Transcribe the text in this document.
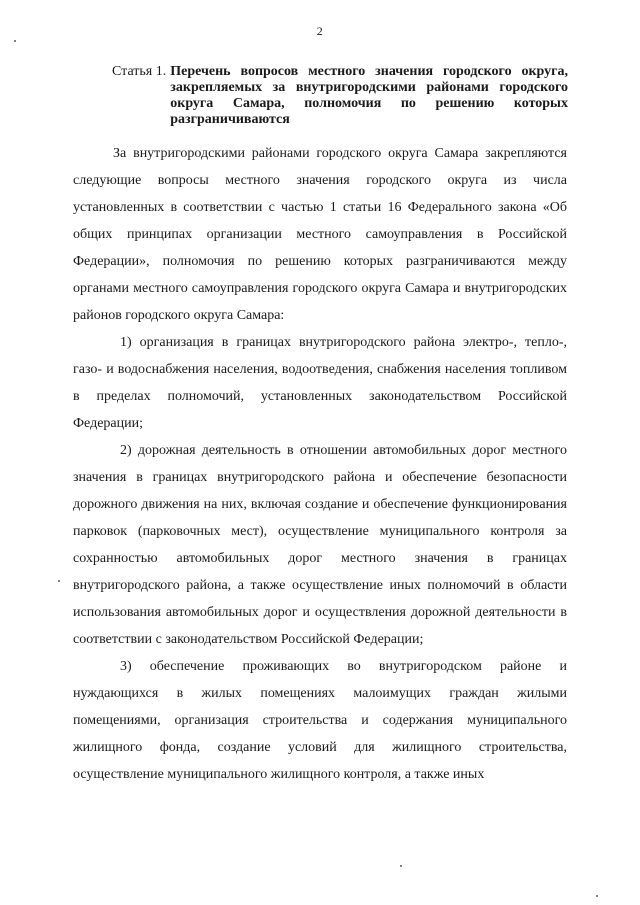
2
Статья 1. Перечень вопросов местного значения городского округа, закрепляемых за внутригородскими районами городского округа Самара, полномочия по решению которых разграничиваются

За внутригородскими районами городского округа Самара закрепляются следующие вопросы местного значения городского округа из числа установленных в соответствии с частью 1 статьи 16 Федерального закона «Об общих принципах организации местного самоуправления в Российской Федерации», полномочия по решению которых разграничиваются между органами местного самоуправления городского округа Самара и внутригородских районов городского округа Самара:

1) организация в границах внутригородского района электро-, тепло-, газо- и водоснабжения населения, водоотведения, снабжения населения топливом в пределах полномочий, установленных законодательством Российской Федерации;

2) дорожная деятельность в отношении автомобильных дорог местного значения в границах внутригородского района и обеспечение безопасности дорожного движения на них, включая создание и обеспечение функционирования парковок (парковочных мест), осуществление муниципального контроля за сохранностью автомобильных дорог местного значения в границах внутригородского района, а также осуществление иных полномочий в области использования автомобильных дорог и осуществления дорожной деятельности в соответствии с законодательством Российской Федерации;

3) обеспечение проживающих во внутригородском районе и нуждающихся в жилых помещениях малоимущих граждан жилыми помещениями, организация строительства и содержания муниципального жилищного фонда, создание условий для жилищного строительства, осуществление муниципального жилищного контроля, а также иных
